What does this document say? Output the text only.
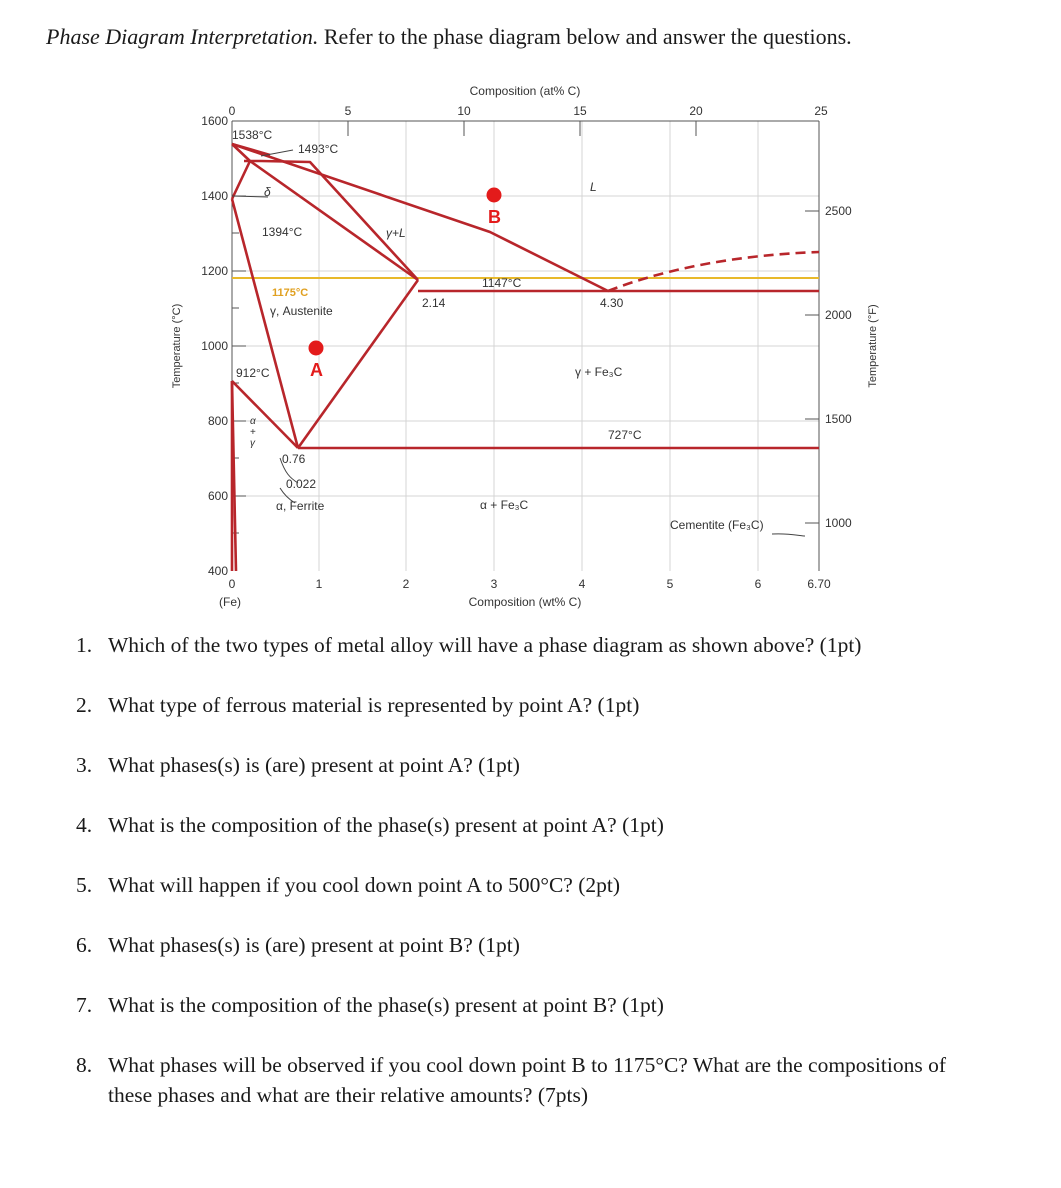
Phase Diagram Interpretation. Refer to the phase diagram below and answer the questions.
A
B
Composition (at% C)
Composition (wt% C)
Temperature (°C)	Temperature (°F)
0	5	10	15	20	25
0	1	2	3	4	5	6	6.70
(Fe)
1600
1400
1200
1000
800
600
400
2500
2000
1500
1000
1538°C
1493°C
1394°C
1147°C
1175°C
912°C
727°C
2.14	4.30
0.76
0.022
δ	L
γ+L
γ, Austenite
γ + Fe₃C
α
+
γ
α, Ferrite	α + Fe₃C
Cementite (Fe₃C)
1. Which of the two types of metal alloy will have a phase diagram as shown above? (1pt)
2. What type of ferrous material is represented by point A? (1pt)
3. What phases(s) is (are) present at point A? (1pt)
4. What is the composition of the phase(s) present at point A? (1pt)
5. What will happen if you cool down point A to 500°C? (2pt)
6. What phases(s) is (are) present at point B? (1pt)
7. What is the composition of the phase(s) present at point B? (1pt)
8. What phases will be observed if you cool down point B to 1175°C? What are the compositions of these phases and what are their relative amounts? (7pts)
